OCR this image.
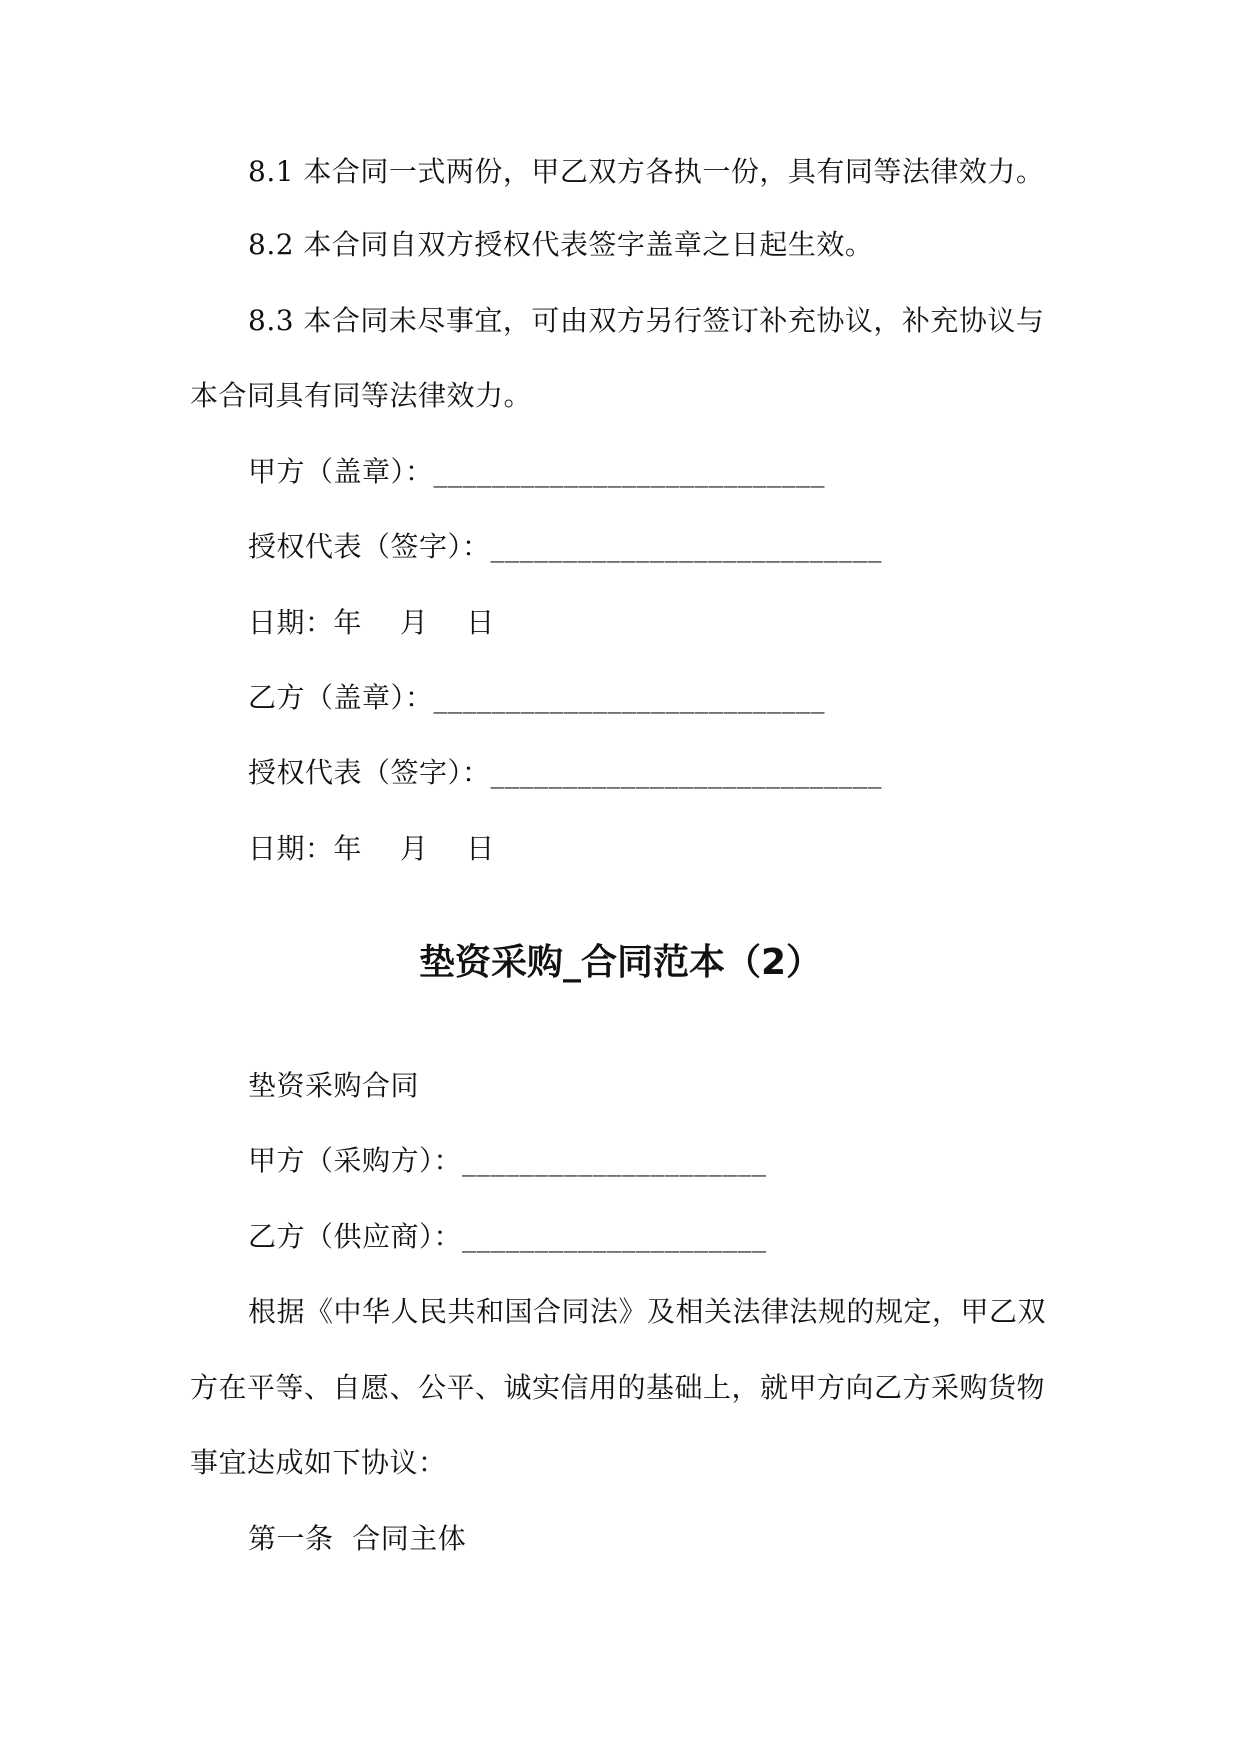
8.1 本合同一式两份，甲乙双方各执一份，具有同等法律效力。
8.2 本合同自双方授权代表签字盖章之日起生效。
8.3 本合同未尽事宜，可由双方另行签订补充协议，补充协议与
本合同具有同等法律效力。
甲方（盖章）：___________________________
授权代表（签字）：___________________________
日期：年　 月　 日
乙方（盖章）：___________________________
授权代表（签字）：___________________________
日期：年　 月　 日
垫资采购_合同范本（2）
垫资采购合同
甲方（采购方）：_____________________
乙方（供应商）：_____________________
根据《中华人民共和国合同法》及相关法律法规的规定，甲乙双
方在平等、自愿、公平、诚实信用的基础上，就甲方向乙方采购货物
事宜达成如下协议：
第一条  合同主体
